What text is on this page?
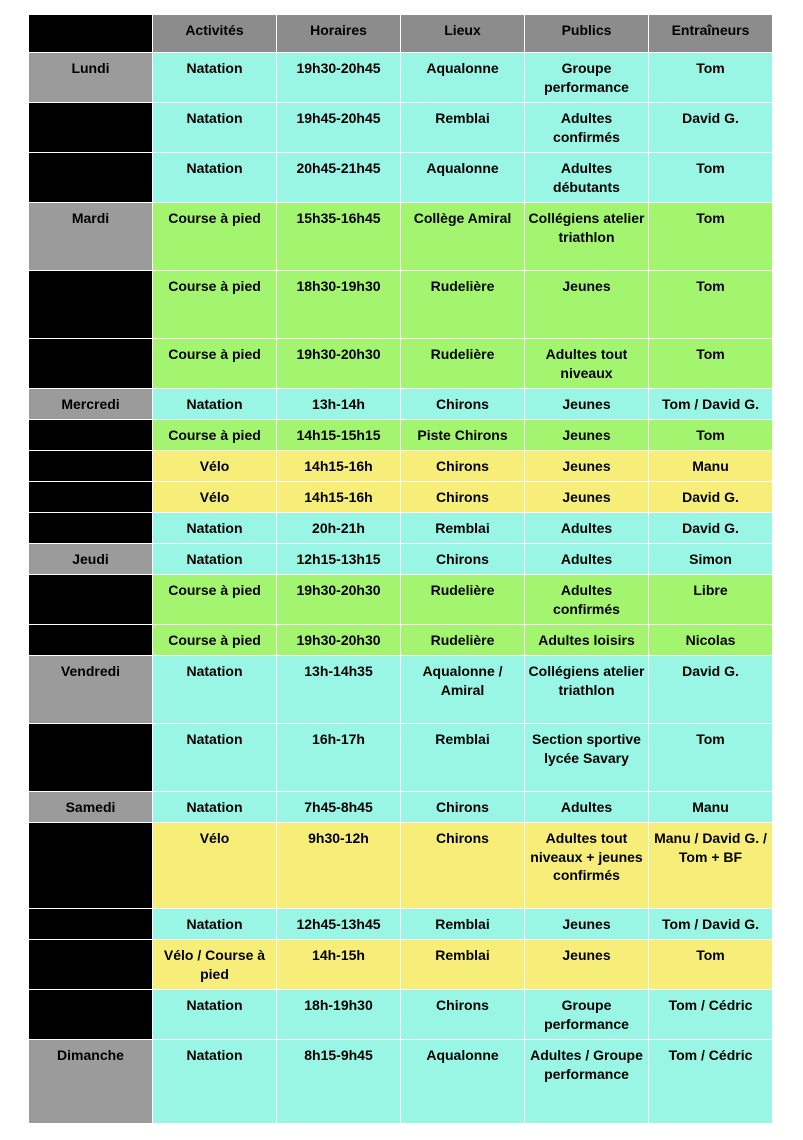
	Activités	Horaires	Lieux	Publics	Entraîneurs
Lundi	Natation	19h30-20h45	Aqualonne	Groupe performance	Tom
	Natation	19h45-20h45	Remblai	Adultes confirmés	David G.
	Natation	20h45-21h45	Aqualonne	Adultes débutants	Tom
Mardi	Course à pied	15h35-16h45	Collège Amiral	Collégiens atelier triathlon	Tom
	Course à pied	18h30-19h30	Rudelière	Jeunes	Tom
	Course à pied	19h30-20h30	Rudelière	Adultes tout niveaux	Tom
Mercredi	Natation	13h-14h	Chirons	Jeunes	Tom / David G.
	Course à pied	14h15-15h15	Piste Chirons	Jeunes	Tom
	Vélo	14h15-16h	Chirons	Jeunes	Manu
	Vélo	14h15-16h	Chirons	Jeunes	David G.
	Natation	20h-21h	Remblai	Adultes	David G.
Jeudi	Natation	12h15-13h15	Chirons	Adultes	Simon
	Course à pied	19h30-20h30	Rudelière	Adultes confirmés	Libre
	Course à pied	19h30-20h30	Rudelière	Adultes loisirs	Nicolas
Vendredi	Natation	13h-14h35	Aqualonne / Amiral	Collégiens atelier triathlon	David G.
	Natation	16h-17h	Remblai	Section sportive lycée Savary	Tom
Samedi	Natation	7h45-8h45	Chirons	Adultes	Manu
	Vélo	9h30-12h	Chirons	Adultes tout niveaux + jeunes confirmés	Manu / David G. / Tom + BF
	Natation	12h45-13h45	Remblai	Jeunes	Tom / David G.
	Vélo / Course à pied	14h-15h	Remblai	Jeunes	Tom
	Natation	18h-19h30	Chirons	Groupe performance	Tom / Cédric
Dimanche	Natation	8h15-9h45	Aqualonne	Adultes / Groupe performance	Tom / Cédric
